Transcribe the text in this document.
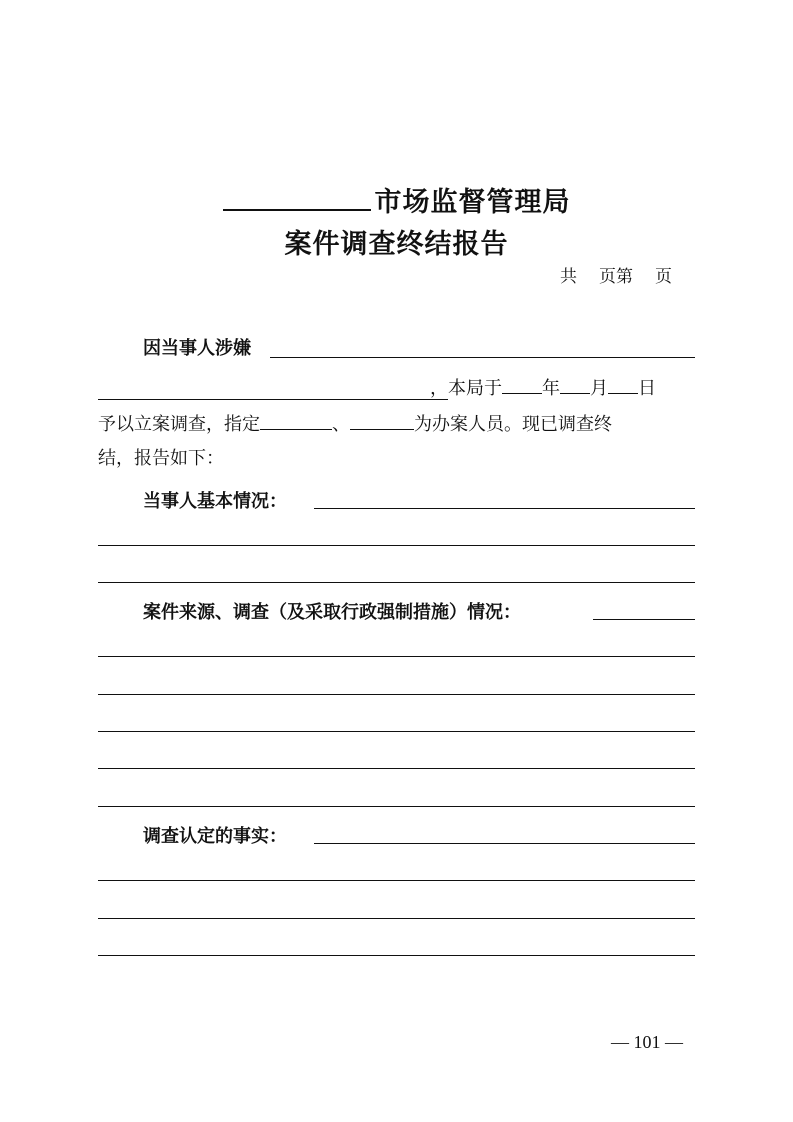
市场监督管理局
案件调查终结报告
共 页第 页
因当事人涉嫌
，本局于 年 月 日
予以立案调查，指定	、	为办案人员。现已调查终
结，报告如下：
当事人基本情况：
案件来源、调查（及采取行政强制措施）情况：
调查认定的事实：
— 101 —
